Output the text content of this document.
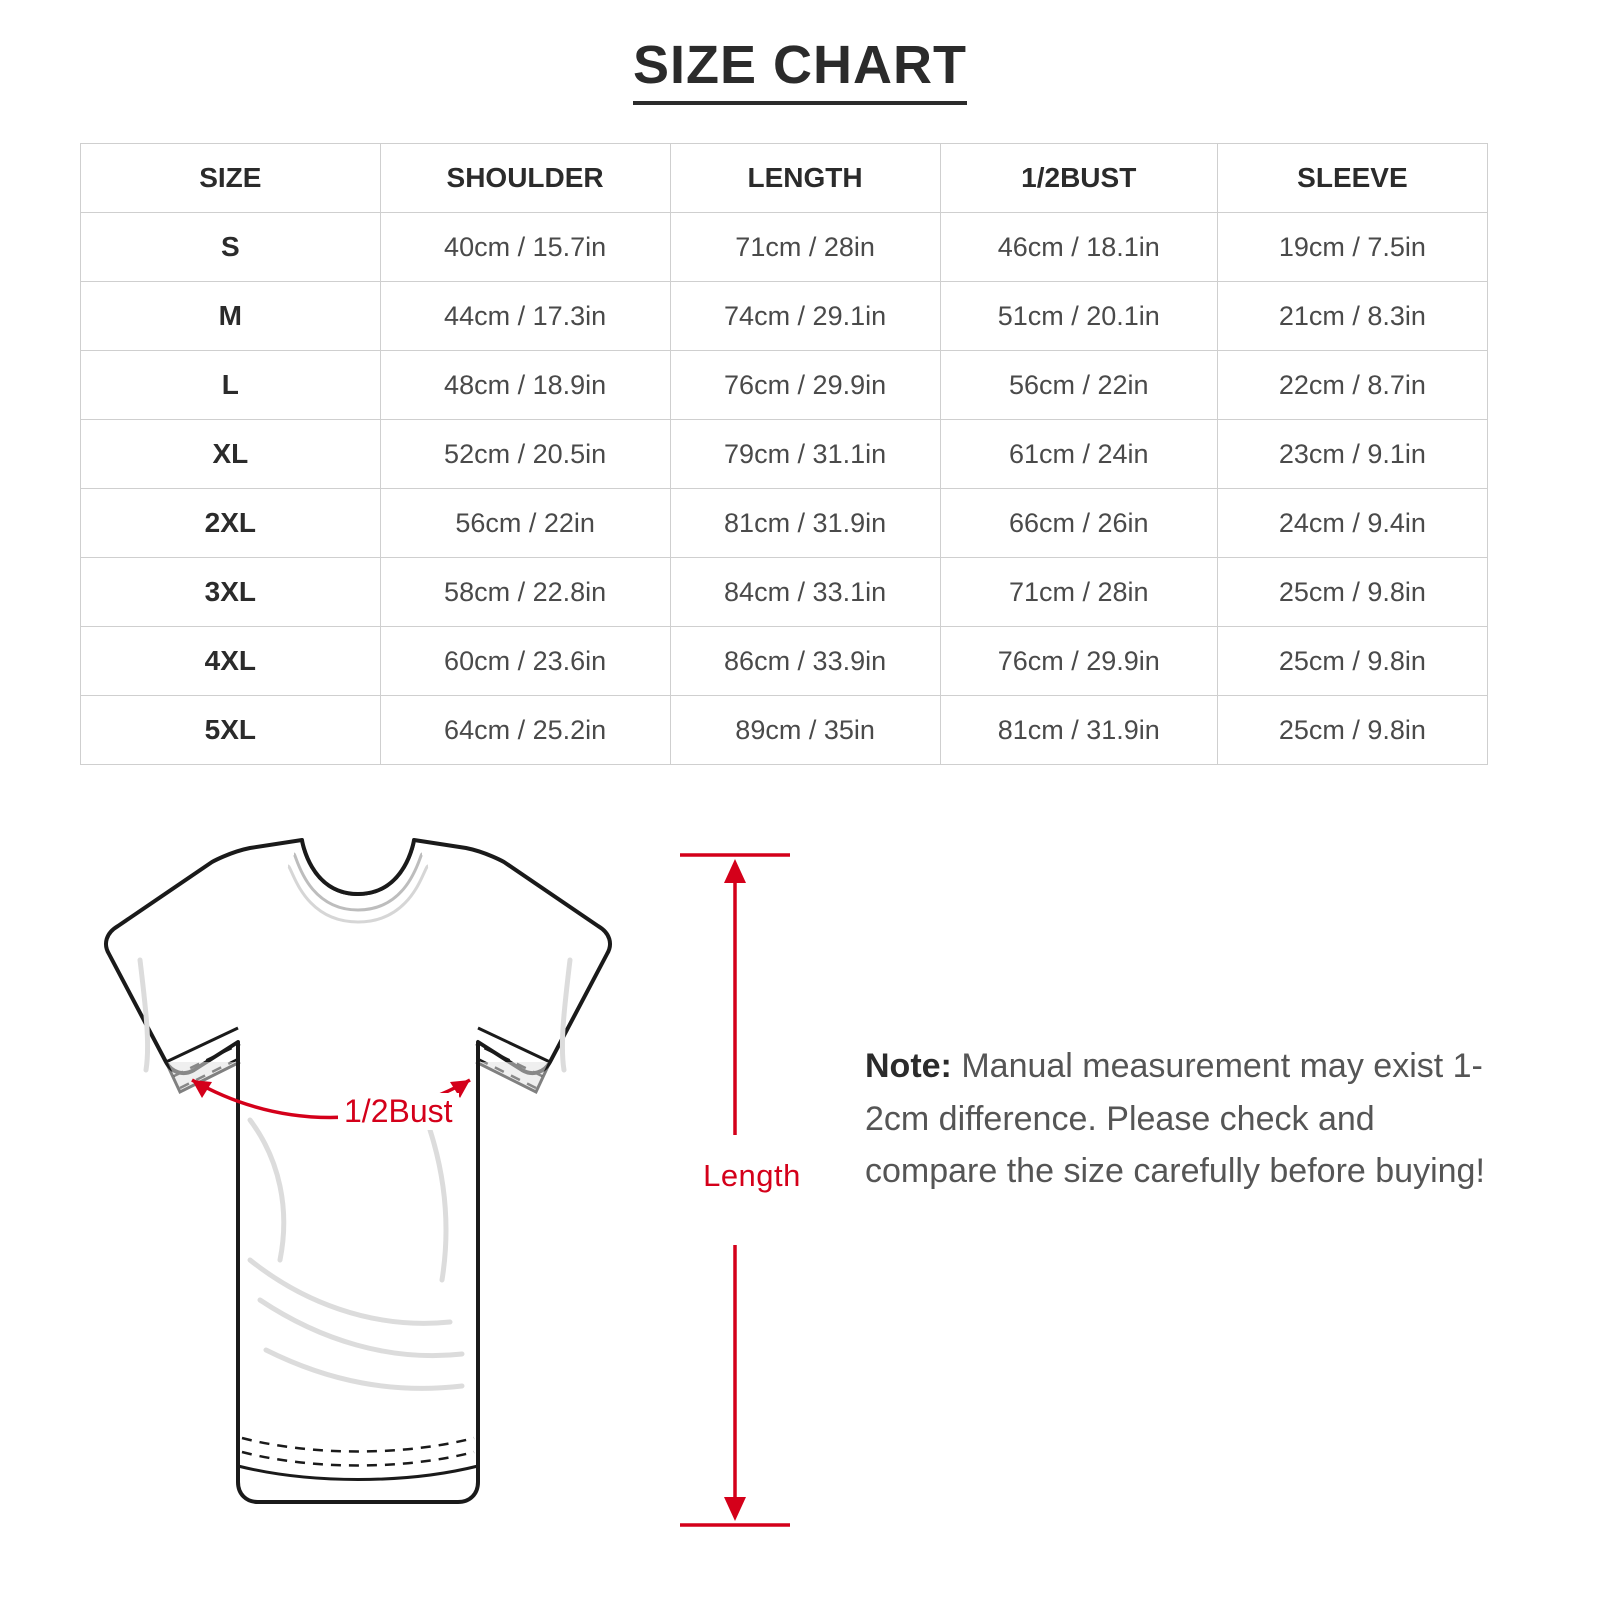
SIZE CHART
SIZE	SHOULDER	LENGTH	1/2BUST	SLEEVE
S	40cm / 15.7in	71cm / 28in	46cm / 18.1in	19cm / 7.5in
M	44cm / 17.3in	74cm / 29.1in	51cm / 20.1in	21cm / 8.3in
L	48cm / 18.9in	76cm / 29.9in	56cm / 22in	22cm / 8.7in
XL	52cm / 20.5in	79cm / 31.1in	61cm / 24in	23cm / 9.1in
2XL	56cm / 22in	81cm / 31.9in	66cm / 26in	24cm / 9.4in
3XL	58cm / 22.8in	84cm / 33.1in	71cm / 28in	25cm / 9.8in
4XL	60cm / 23.6in	86cm / 33.9in	76cm / 29.9in	25cm / 9.8in
5XL	64cm / 25.2in	89cm / 35in	81cm / 31.9in	25cm / 9.8in
1/2Bust
Length
Note: Manual measurement may exist 1-2cm difference. Please check and compare the size carefully before buying!
